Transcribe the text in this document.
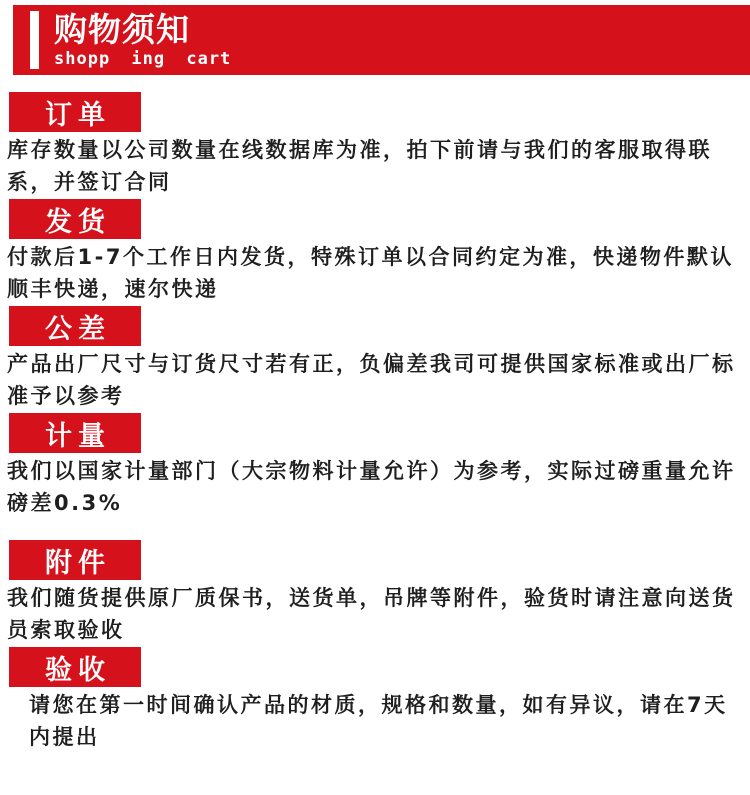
购物须知
shopp ing cart
订单

库存数量以公司数量在线数据库为准，拍下前请与我们的客服取得联系，并签订合同

发货

付款后1-7个工作日内发货，特殊订单以合同约定为准，快递物件默认顺丰快递，速尔快递

公差

产品出厂尺寸与订货尺寸若有正，负偏差我司可提供国家标准或出厂标准予以参考

计量

我们以国家计量部门（大宗物料计量允许）为参考，实际过磅重量允许磅差0.3%

附件

我们随货提供原厂质保书，送货单，吊牌等附件，验货时请注意向送货员索取验收

验收

请您在第一时间确认产品的材质，规格和数量，如有异议，请在7天内提出
